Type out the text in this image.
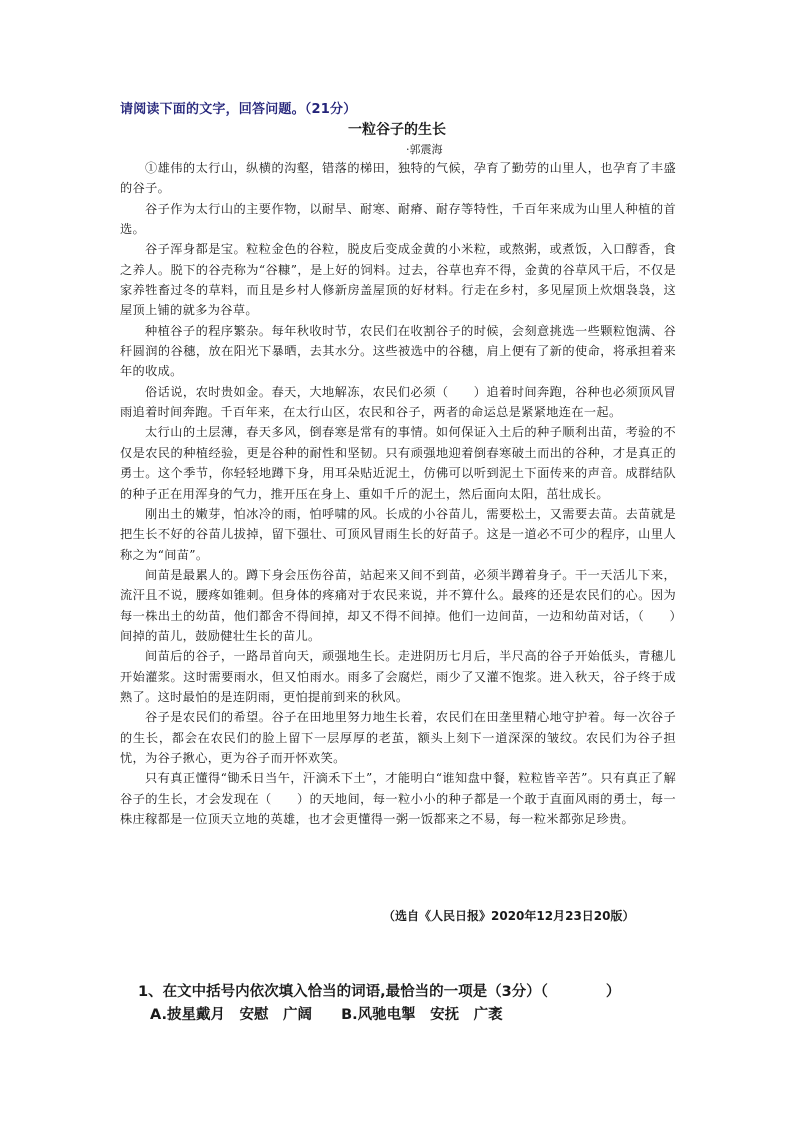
请阅读下面的文字，回答问题。（21分）
一粒谷子的生长
·郭震海

①雄伟的太行山，纵横的沟壑，错落的梯田，独特的气候，孕育了勤劳的山里人，也孕育了丰盛的谷子。

谷子作为太行山的主要作物，以耐旱、耐寒、耐瘠、耐存等特性，千百年来成为山里人种植的首选。

谷子浑身都是宝。粒粒金色的谷粒，脱皮后变成金黄的小米粒，或熬粥，或煮饭，入口醇香，食之养人。脱下的谷壳称为“谷糠”，是上好的饲料。过去，谷草也弃不得，金黄的谷草风干后，不仅是家养牲畜过冬的草料，而且是乡村人修新房盖屋顶的好材料。行走在乡村，多见屋顶上炊烟袅袅，这屋顶上铺的就多为谷草。

种植谷子的程序繁杂。每年秋收时节，农民们在收割谷子的时候，会刻意挑选一些颗粒饱满、谷秆圆润的谷穗，放在阳光下暴晒，去其水分。这些被选中的谷穗，肩上便有了新的使命，将承担着来年的收成。

俗话说，农时贵如金。春天，大地解冻，农民们必须（　　）追着时间奔跑，谷种也必须顶风冒雨追着时间奔跑。千百年来，在太行山区，农民和谷子，两者的命运总是紧紧地连在一起。

太行山的土层薄，春天多风，倒春寒是常有的事情。如何保证入土后的种子顺利出苗，考验的不仅是农民的种植经验，更是谷种的耐性和坚韧。只有顽强地迎着倒春寒破土而出的谷种，才是真正的勇士。这个季节，你轻轻地蹲下身，用耳朵贴近泥土，仿佛可以听到泥土下面传来的声音。成群结队的种子正在用浑身的气力，推开压在身上、重如千斤的泥土，然后面向太阳，茁壮成长。

刚出土的嫩芽，怕冰冷的雨，怕呼啸的风。长成的小谷苗儿，需要松土，又需要去苗。去苗就是把生长不好的谷苗儿拔掉，留下强壮、可顶风冒雨生长的好苗子。这是一道必不可少的程序，山里人称之为“间苗”。

间苗是最累人的。蹲下身会压伤谷苗，站起来又间不到苗，必须半蹲着身子。干一天活儿下来，流汗且不说，腰疼如锥刺。但身体的疼痛对于农民来说，并不算什么。最疼的还是农民们的心。因为每一株出土的幼苗，他们都舍不得间掉，却又不得不间掉。他们一边间苗，一边和幼苗对话，（　　）间掉的苗儿，鼓励健壮生长的苗儿。

间苗后的谷子，一路昂首向天，顽强地生长。走进阴历七月后，半尺高的谷子开始低头，青穗儿开始灌浆。这时需要雨水，但又怕雨水。雨多了会腐烂，雨少了又灌不饱浆。进入秋天，谷子终于成熟了。这时最怕的是连阴雨，更怕提前到来的秋风。

谷子是农民们的希望。谷子在田地里努力地生长着，农民们在田垄里精心地守护着。每一次谷子的生长，都会在农民们的脸上留下一层厚厚的老茧，额头上刻下一道深深的皱纹。农民们为谷子担忧，为谷子揪心，更为谷子而开怀欢笑。

只有真正懂得“锄禾日当午，汗滴禾下土”，才能明白“谁知盘中餐，粒粒皆辛苦”。只有真正了解谷子的生长，才会发现在（　　）的天地间，每一粒小小的种子都是一个敢于直面风雨的勇士，每一株庄稼都是一位顶天立地的英雄，也才会更懂得一粥一饭都来之不易，每一粒米都弥足珍贵。

（选自《人民日报》2020年12月23日20版）
1、在文中括号内依次填入恰当的词语,最恰当的一项是（3分）（　　　　）
A.披星戴月　安慰　广阔 B.风驰电掣　安抚　广袤
